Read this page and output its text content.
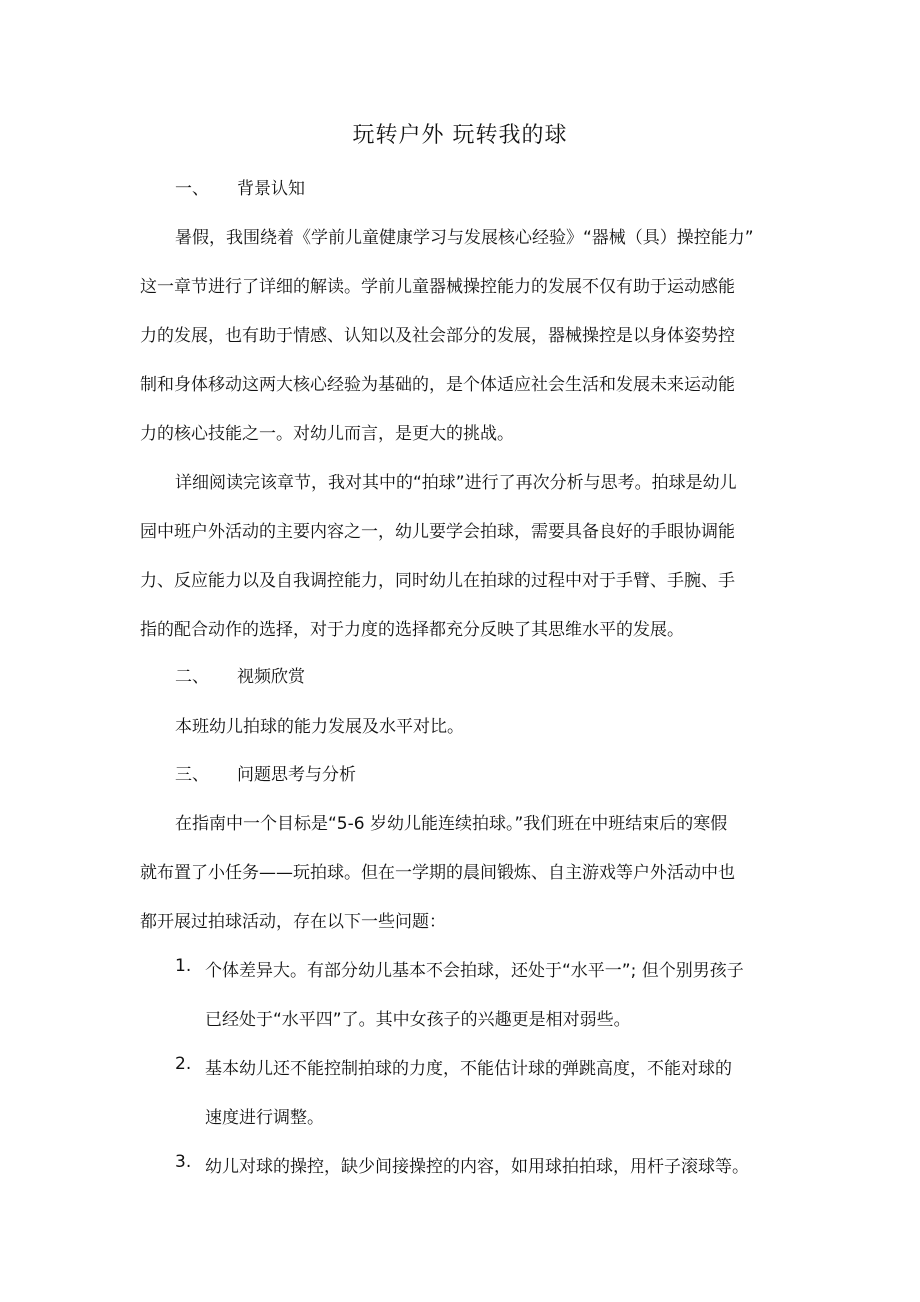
玩转户外 玩转我的球
一、 背景认知
暑假，我围绕着《学前儿童健康学习与发展核心经验》“器械（具）操控能力”
这一章节进行了详细的解读。学前儿童器械操控能力的发展不仅有助于运动感能
力的发展，也有助于情感、认知以及社会部分的发展，器械操控是以身体姿势控
制和身体移动这两大核心经验为基础的，是个体适应社会生活和发展未来运动能
力的核心技能之一。对幼儿而言，是更大的挑战。
详细阅读完该章节，我对其中的“拍球”进行了再次分析与思考。拍球是幼儿
园中班户外活动的主要内容之一，幼儿要学会拍球，需要具备良好的手眼协调能
力、反应能力以及自我调控能力，同时幼儿在拍球的过程中对于手臂、手腕、手
指的配合动作的选择，对于力度的选择都充分反映了其思维水平的发展。
二、 视频欣赏
本班幼儿拍球的能力发展及水平对比。
三、 问题思考与分析
在指南中一个目标是“5-6 岁幼儿能连续拍球。”我们班在中班结束后的寒假
就布置了小任务——玩拍球。但在一学期的晨间锻炼、自主游戏等户外活动中也
都开展过拍球活动，存在以下一些问题：
1. 个体差异大。有部分幼儿基本不会拍球，还处于“水平一”; 但个别男孩子
已经处于“水平四”了。其中女孩子的兴趣更是相对弱些。
2. 基本幼儿还不能控制拍球的力度，不能估计球的弹跳高度，不能对球的
速度进行调整。
3. 幼儿对球的操控，缺少间接操控的内容，如用球拍拍球，用杆子滚球等。
